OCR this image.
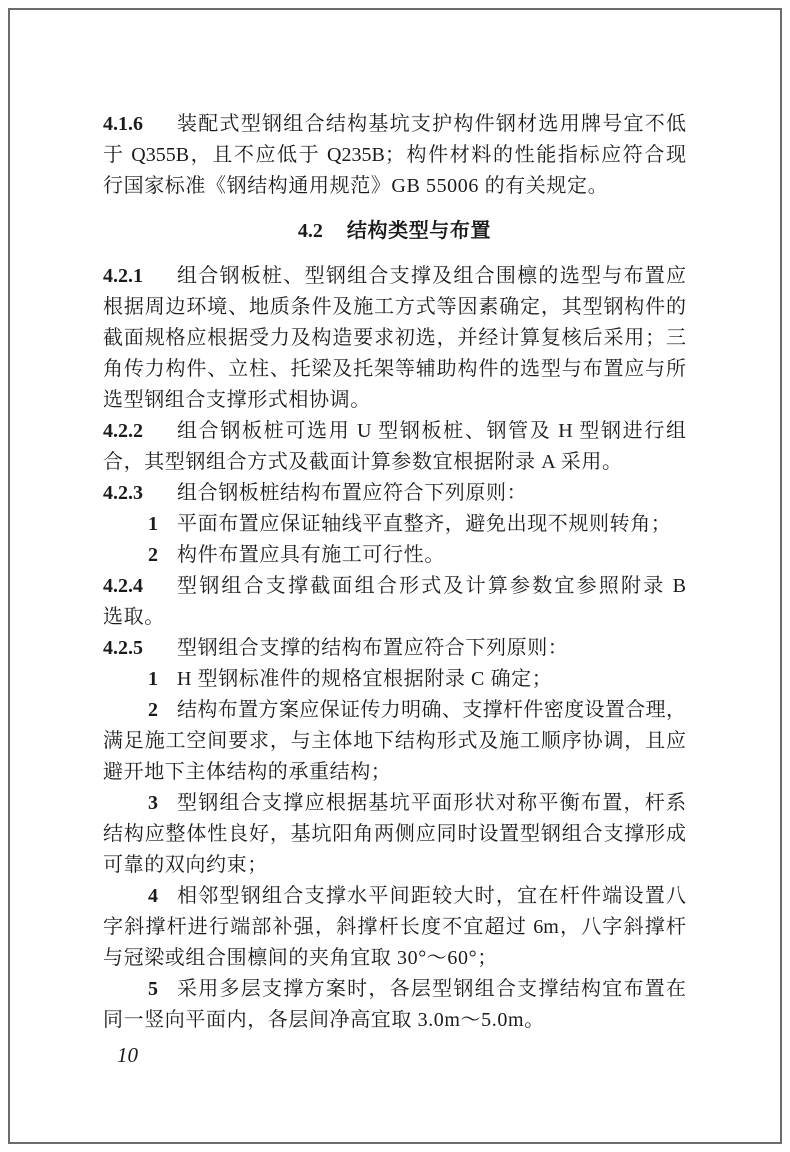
4.1.6	装配式型钢组合结构基坑支护构件钢材选用牌号宜不低
于 Q355B，且不应低于 Q235B；构件材料的性能指标应符合现
行国家标准《钢结构通用规范》GB 55006 的有关规定。
4.2 结构类型与布置
4.2.1	组合钢板桩、型钢组合支撑及组合围檩的选型与布置应
根据周边环境、地质条件及施工方式等因素确定，其型钢构件的
截面规格应根据受力及构造要求初选，并经计算复核后采用；三
角传力构件、立柱、托梁及托架等辅助构件的选型与布置应与所
选型钢组合支撑形式相协调。
4.2.2	组合钢板桩可选用 U 型钢板桩、钢管及 H 型钢进行组
合，其型钢组合方式及截面计算参数宜根据附录 A 采用。
4.2.3	组合钢板桩结构布置应符合下列原则：
1 平面布置应保证轴线平直整齐，避免出现不规则转角；
2 构件布置应具有施工可行性。
4.2.4	型钢组合支撑截面组合形式及计算参数宜参照附录 B
选取。
4.2.5	型钢组合支撑的结构布置应符合下列原则：
1 H 型钢标准件的规格宜根据附录 C 确定；
2 结构布置方案应保证传力明确、支撑杆件密度设置合理，
满足施工空间要求，与主体地下结构形式及施工顺序协调，且应
避开地下主体结构的承重结构；
3 型钢组合支撑应根据基坑平面形状对称平衡布置，杆系
结构应整体性良好，基坑阳角两侧应同时设置型钢组合支撑形成
可靠的双向约束；
4 相邻型钢组合支撑水平间距较大时，宜在杆件端设置八
字斜撑杆进行端部补强，斜撑杆长度不宜超过 6m，八字斜撑杆
与冠梁或组合围檩间的夹角宜取 30°～60°；
5 采用多层支撑方案时，各层型钢组合支撑结构宜布置在
同一竖向平面内，各层间净高宜取 3.0m～5.0m。
10
